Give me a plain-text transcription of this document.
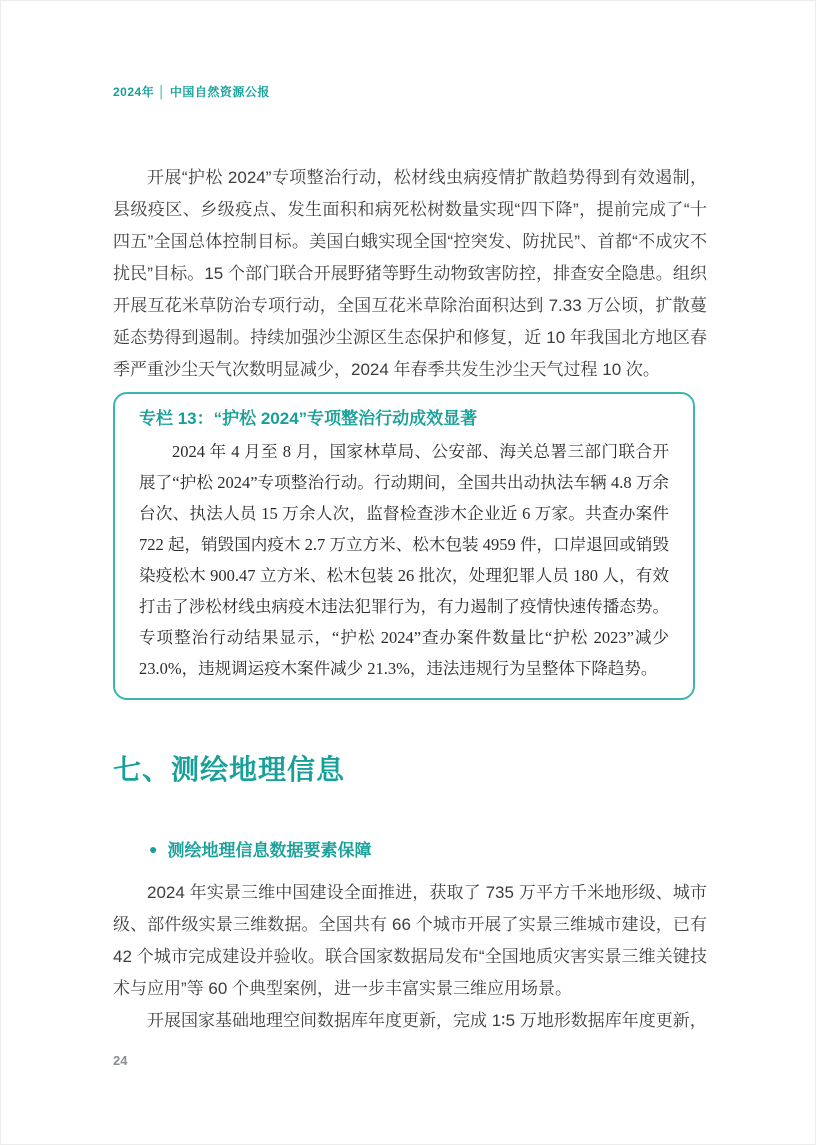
2024年 │ 中国自然资源公报

开展“护松 2024”专项整治行动，松材线虫病疫情扩散趋势得到有效遏制，县级疫区、乡级疫点、发生面积和病死松树数量实现“四下降”，提前完成了“十四五”全国总体控制目标。美国白蛾实现全国“控突发、防扰民”、首都“不成灾不扰民”目标。15 个部门联合开展野猪等野生动物致害防控，排查安全隐患。组织开展互花米草防治专项行动，全国互花米草除治面积达到 7.33 万公顷，扩散蔓延态势得到遏制。持续加强沙尘源区生态保护和修复，近 10 年我国北方地区春季严重沙尘天气次数明显减少，2024 年春季共发生沙尘天气过程 10 次。

专栏 13：“护松 2024”专项整治行动成效显著

2024 年 4 月至 8 月，国家林草局、公安部、海关总署三部门联合开展了“护松 2024”专项整治行动。行动期间，全国共出动执法车辆 4.8 万余台次、执法人员 15 万余人次，监督检查涉木企业近 6 万家。共查办案件 722 起，销毁国内疫木 2.7 万立方米、松木包装 4959 件，口岸退回或销毁染疫松木 900.47 立方米、松木包装 26 批次，处理犯罪人员 180 人，有效打击了涉松材线虫病疫木违法犯罪行为，有力遏制了疫情快速传播态势。专项整治行动结果显示，“护松 2024”查办案件数量比“护松 2023”减少 23.0%，违规调运疫木案件减少 21.3%，违法违规行为呈整体下降趋势。

七、测绘地理信息
● 测绘地理信息数据要素保障

2024 年实景三维中国建设全面推进，获取了 735 万平方千米地形级、城市级、部件级实景三维数据。全国共有 66 个城市开展了实景三维城市建设，已有 42 个城市完成建设并验收。联合国家数据局发布“全国地质灾害实景三维关键技术与应用”等 60 个典型案例，进一步丰富实景三维应用场景。

开展国家基础地理空间数据库年度更新，完成 1∶5 万地形数据库年度更新，

24
